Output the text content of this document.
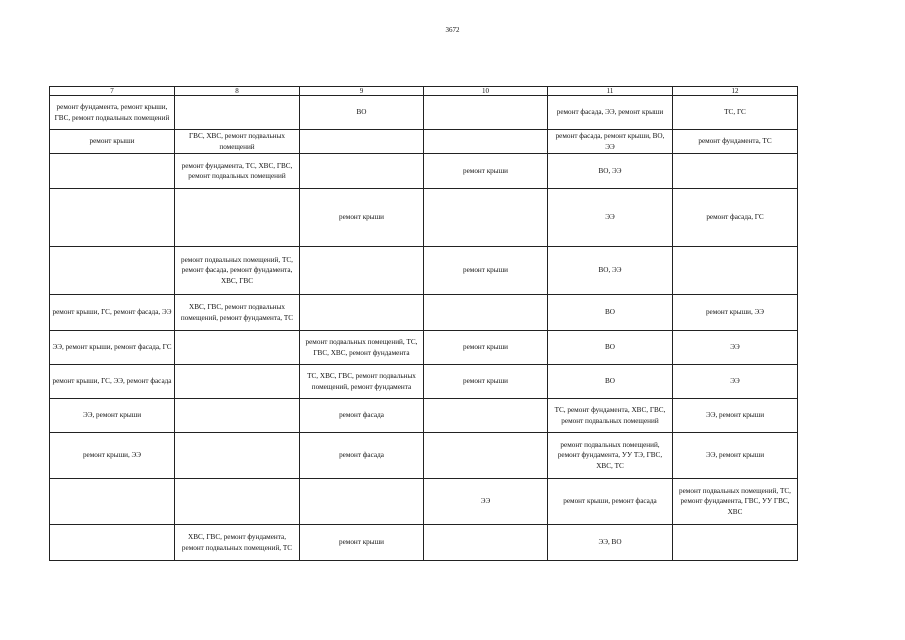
3672
7	8	9	10	11	12
ремонт фундамента, ремонт крыши, ГВС, ремонт подвальных помещений		ВО		ремонт фасада, ЭЭ, ремонт крыши	ТС, ГС
ремонт крыши	ГВС, ХВС, ремонт подвальных помещений			ремонт фасада, ремонт крыши, ВО, ЭЭ	ремонт фундамента, ТС
	ремонт фундамента, ТС, ХВС, ГВС, ремонт подвальных помещений		ремонт крыши	ВО, ЭЭ	
		ремонт крыши		ЭЭ	ремонт фасада, ГС
	ремонт подвальных помещений, ТС, ремонт фасада, ремонт фундамента, ХВС, ГВС		ремонт крыши	ВО, ЭЭ	
ремонт крыши, ГС, ремонт фасада, ЭЭ	ХВС, ГВС, ремонт подвальных помещений, ремонт фундамента, ТС			ВО	ремонт крыши, ЭЭ
ЭЭ, ремонт крыши, ремонт фасада, ГС		ремонт подвальных помещений, ТС, ГВС, ХВС, ремонт фундамента	ремонт крыши	ВО	ЭЭ
ремонт крыши, ГС, ЭЭ, ремонт фасада		ТС, ХВС, ГВС, ремонт подвальных помещений, ремонт фундамента	ремонт крыши	ВО	ЭЭ
ЭЭ, ремонт крыши		ремонт фасада		ТС, ремонт фундамента, ХВС, ГВС, ремонт подвальных помещений	ЭЭ, ремонт крыши
ремонт крыши, ЭЭ		ремонт фасада		ремонт подвальных помещений, ремонт фундамента, УУ ТЭ, ГВС, ХВС, ТС	ЭЭ, ремонт крыши
			ЭЭ	ремонт крыши, ремонт фасада	ремонт подвальных помещений, ТС, ремонт фундамента, ГВС, УУ ГВС, ХВС
	ХВС, ГВС, ремонт фундамента, ремонт подвальных помещений, ТС	ремонт крыши		ЭЭ, ВО	
